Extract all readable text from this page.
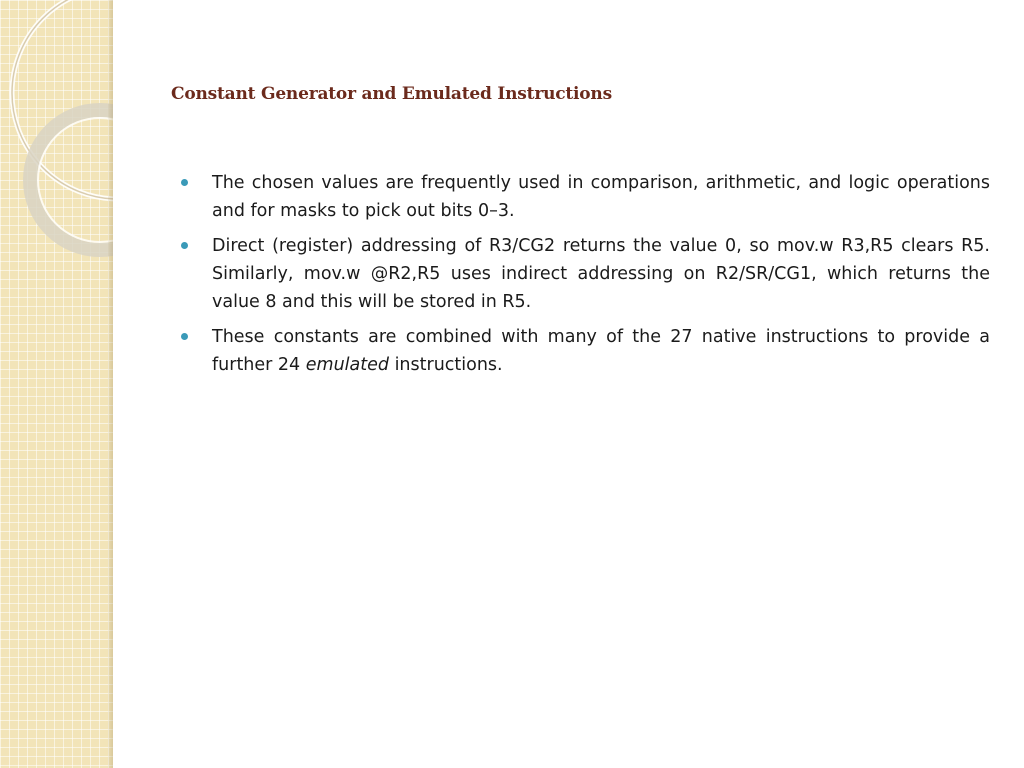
Constant Generator and Emulated Instructions
The chosen values are frequently used in comparison, arithmetic, and logic operations and for masks to pick out bits 0–3.
Direct (register) addressing of R3/CG2 returns the value 0, so mov.w R3,R5 clears R5. Similarly, mov.w @R2,R5 uses indirect addressing on R2/SR/CG1, which returns the value 8 and this will be stored in R5.
These constants are combined with many of the 27 native instructions to provide a further 24 emulated instructions.
